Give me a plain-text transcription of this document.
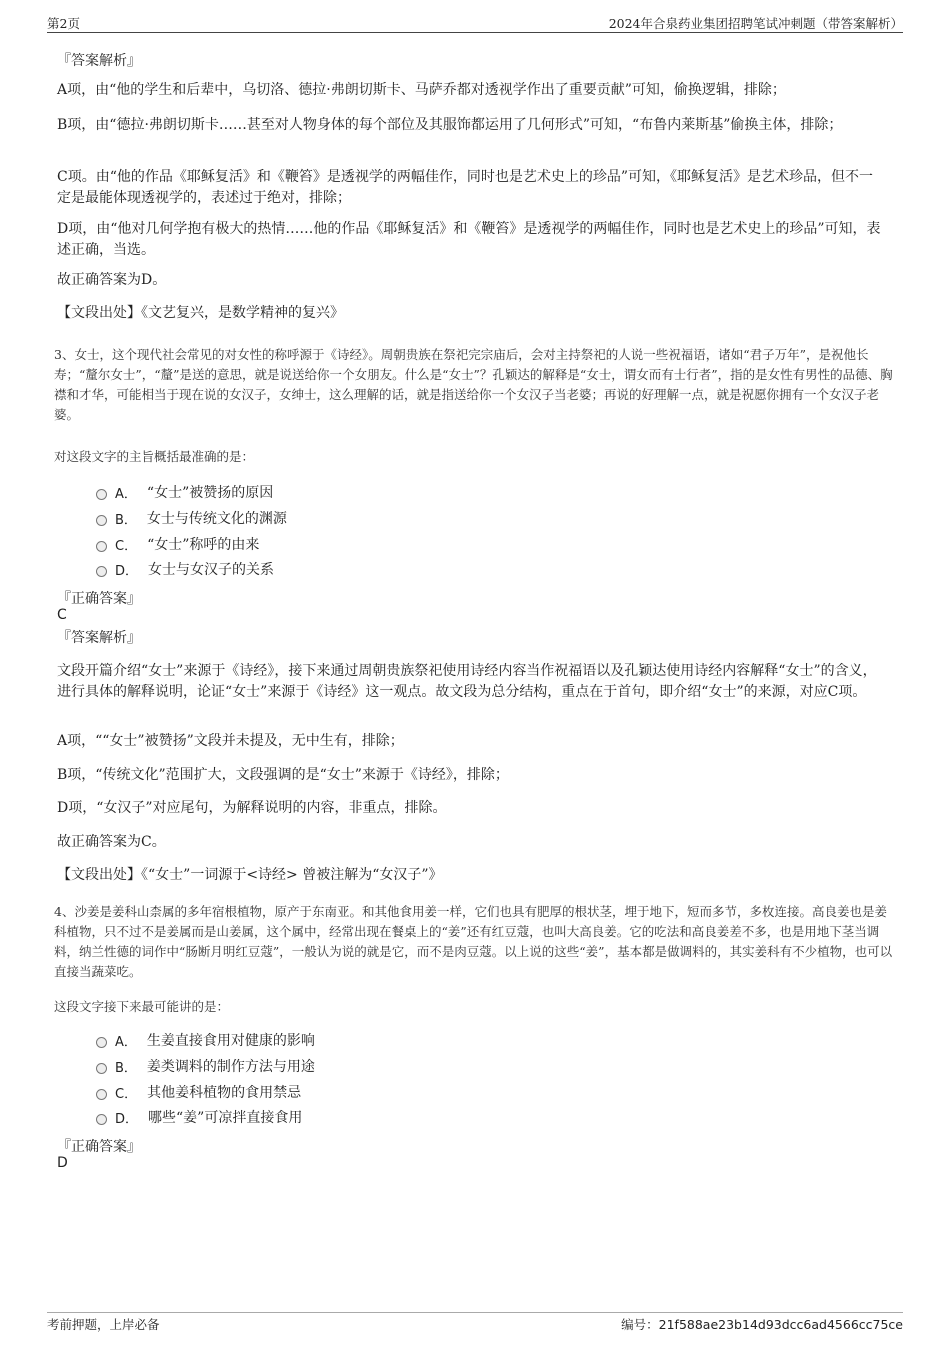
第2页	2024年合泉药业集团招聘笔试冲刺题（带答案解析）
『答案解析』
A项，由“他的学生和后辈中，乌切洛、德拉·弗朗切斯卡、马萨乔都对透视学作出了重要贡献”可知，偷换逻辑，排除；
B项，由“德拉·弗朗切斯卡……甚至对人物身体的每个部位及其服饰都运用了几何形式”可知，“布鲁内莱斯基”偷换主体，排除；
C项。由“他的作品《耶稣复活》和《鞭笞》是透视学的两幅佳作，同时也是艺术史上的珍品”可知，《耶稣复活》是艺术珍品，但不一定是最能体现透视学的，表述过于绝对，排除；
D项，由“他对几何学抱有极大的热情……他的作品《耶稣复活》和《鞭笞》是透视学的两幅佳作，同时也是艺术史上的珍品”可知，表述正确，当选。
故正确答案为D。
【文段出处】《文艺复兴，是数学精神的复兴》
3、女士，这个现代社会常见的对女性的称呼源于《诗经》。周朝贵族在祭祀完宗庙后，会对主持祭祀的人说一些祝福语，诸如“君子万年”，是祝他长寿；“釐尔女士”，“釐”是送的意思，就是说送给你一个女朋友。什么是“女士”？孔颖达的解释是“女士，谓女而有士行者”，指的是女性有男性的品德、胸襟和才华，可能相当于现在说的女汉子，女绅士，这么理解的话，就是指送给你一个女汉子当老婆；再说的好理解一点，就是祝愿你拥有一个女汉子老婆。
对这段文字的主旨概括最准确的是：
A． “女士”被赞扬的原因
B． 女士与传统文化的渊源
C． “女士”称呼的由来
D． 女士与女汉子的关系
『正确答案』
C
『答案解析』
文段开篇介绍“女士”来源于《诗经》，接下来通过周朝贵族祭祀使用诗经内容当作祝福语以及孔颖达使用诗经内容解释“女士”的含义，进行具体的解释说明，论证“女士”来源于《诗经》这一观点。故文段为总分结构，重点在于首句，即介绍“女士”的来源，对应C项。
A项，““女士”被赞扬”文段并未提及，无中生有，排除；
B项，“传统文化”范围扩大，文段强调的是“女士”来源于《诗经》，排除；
D项，“女汉子”对应尾句，为解释说明的内容，非重点，排除。
故正确答案为C。
【文段出处】《“女士”一词源于<诗经> 曾被注解为“女汉子”》
4、沙姜是姜科山柰属的多年宿根植物，原产于东南亚。和其他食用姜一样，它们也具有肥厚的根状茎，埋于地下，短而多节，多枚连接。高良姜也是姜科植物，只不过不是姜属而是山姜属，这个属中，经常出现在餐桌上的“姜”还有红豆蔻，也叫大高良姜。它的吃法和高良姜差不多，也是用地下茎当调料，纳兰性德的词作中“肠断月明红豆蔻”，一般认为说的就是它，而不是肉豆蔻。以上说的这些“姜”，基本都是做调料的，其实姜科有不少植物，也可以直接当蔬菜吃。
这段文字接下来最可能讲的是：
A． 生姜直接食用对健康的影响
B． 姜类调料的制作方法与用途
C． 其他姜科植物的食用禁忌
D． 哪些“姜”可凉拌直接食用
『正确答案』
D
考前押题，上岸必备	编号：21f588ae23b14d93dcc6ad4566cc75ce
